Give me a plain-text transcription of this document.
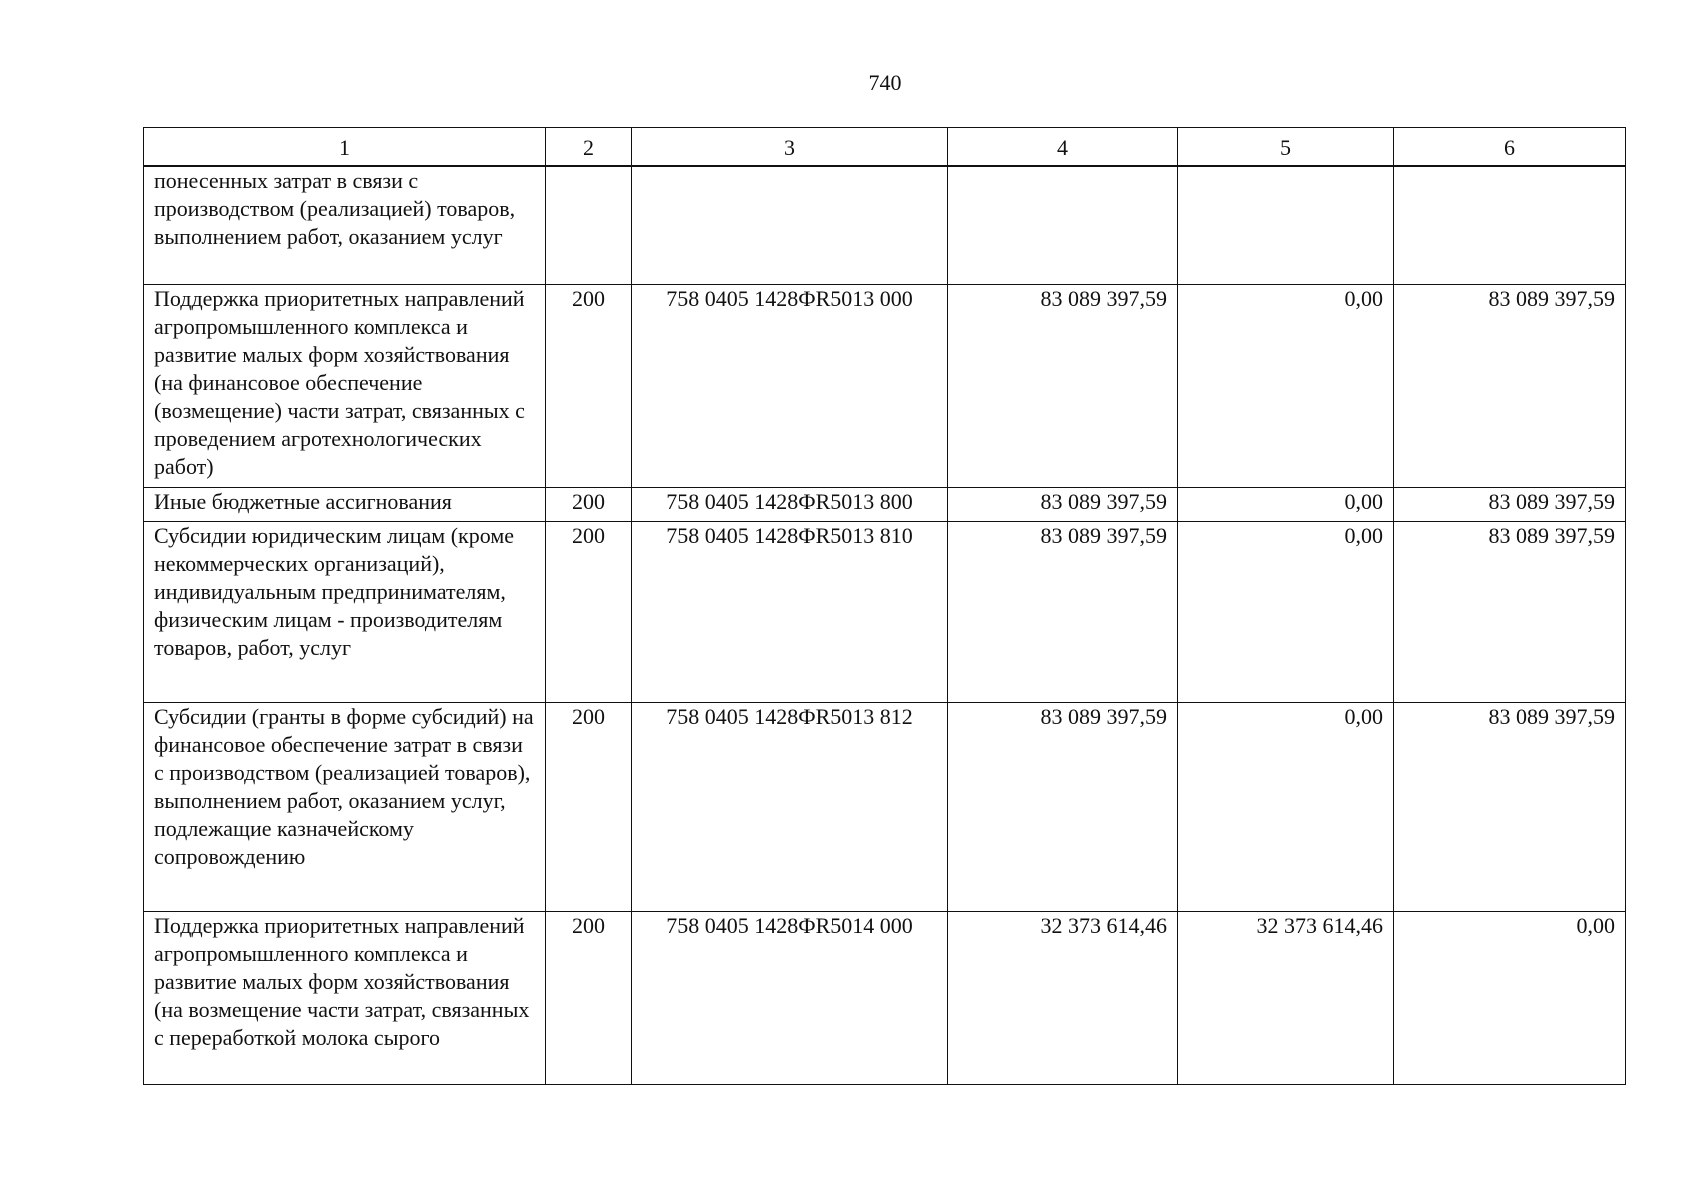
740
1	2	3	4	5	6
понесенных затрат в связи с производством (реализацией) товаров, выполнением работ, оказанием услуг					
Поддержка приоритетных направлений агропромышленного комплекса и развитие малых форм хозяйствования (на финансовое обеспечение (возмещение) части затрат, связанных с проведением агротехнологических работ)	200	758 0405 1428ФR5013 000	83 089 397,59	0,00	83 089 397,59
Иные бюджетные ассигнования	200	758 0405 1428ФR5013 800	83 089 397,59	0,00	83 089 397,59
Субсидии юридическим лицам (кроме некоммерческих организаций), индивидуальным предпринимателям, физическим лицам - производителям товаров, работ, услуг	200	758 0405 1428ФR5013 810	83 089 397,59	0,00	83 089 397,59
Субсидии (гранты в форме субсидий) на финансовое обеспечение затрат в связи с производством (реализацией товаров), выполнением работ, оказанием услуг, подлежащие казначейскому сопровождению	200	758 0405 1428ФR5013 812	83 089 397,59	0,00	83 089 397,59
Поддержка приоритетных направлений агропромышленного комплекса и развитие малых форм хозяйствования (на возмещение части затрат, связанных с переработкой молока сырого	200	758 0405 1428ФR5014 000	32 373 614,46	32 373 614,46	0,00
